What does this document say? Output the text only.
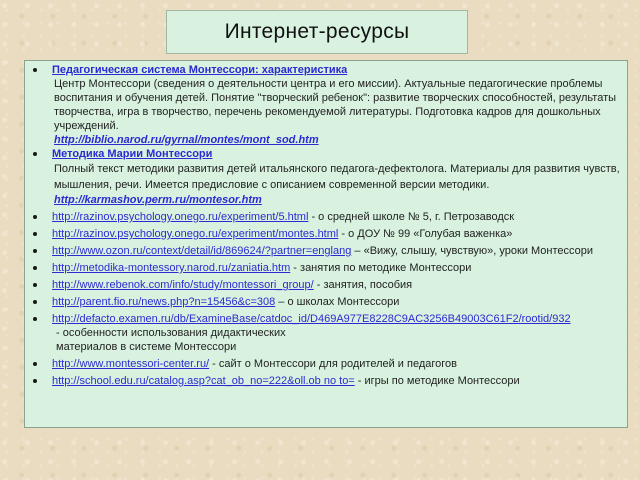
Интернет-ресурсы
Педагогическая система Монтессори: характеристика
Центр Монтессори (сведения о деятельности центра и его миссии). Актуальные педагогические проблемы воспитания и обучения детей. Понятие "творческий ребенок": развитие творческих способностей, результаты творчества, игра в творчество, перечень рекомендуемой литературы. Подготовка кадров для дошкольных учреждений.
http://biblio.narod.ru/gyrnal/montes/mont_sod.htm
Методика Марии Монтессори
Полный текст методики развития детей итальянского педагога-дефектолога. Материалы для развития чувств, мышления, речи. Имеется предисловие с описанием современной версии методики.
http://karmashov.perm.ru/montesor.htm
http://razinov.psychology.onego.ru/experiment/5.html - о средней школе № 5, г. Петрозаводск
http://razinov.psychology.onego.ru/experiment/montes.html - о ДОУ № 99 «Голубая важенка»
http://www.ozon.ru/context/detail/id/869624/?partner=englang – «Вижу, слышу, чувствую», уроки Монтессори
http://metodika-montessory.narod.ru/zaniatia.htm - занятия по методике Монтессори
http://www.rebenok.com/info/study/montessori_group/ - занятия, пособия
http://parent.fio.ru/news.php?n=15456&c=308 – о школах Монтессори
http://defacto.examen.ru/db/ExamineBase/catdoc_id/D469A977E8228C9AC3256B49003C61F2/rootid/932
- особенности использования дидактических материалов в системе Монтессори
http://www.montessori-center.ru/ - сайт о Монтессори для родителей и педагогов
http://school.edu.ru/catalog.asp?cat_ob_no=222&oll.ob no to= - игры по методике Монтессори
